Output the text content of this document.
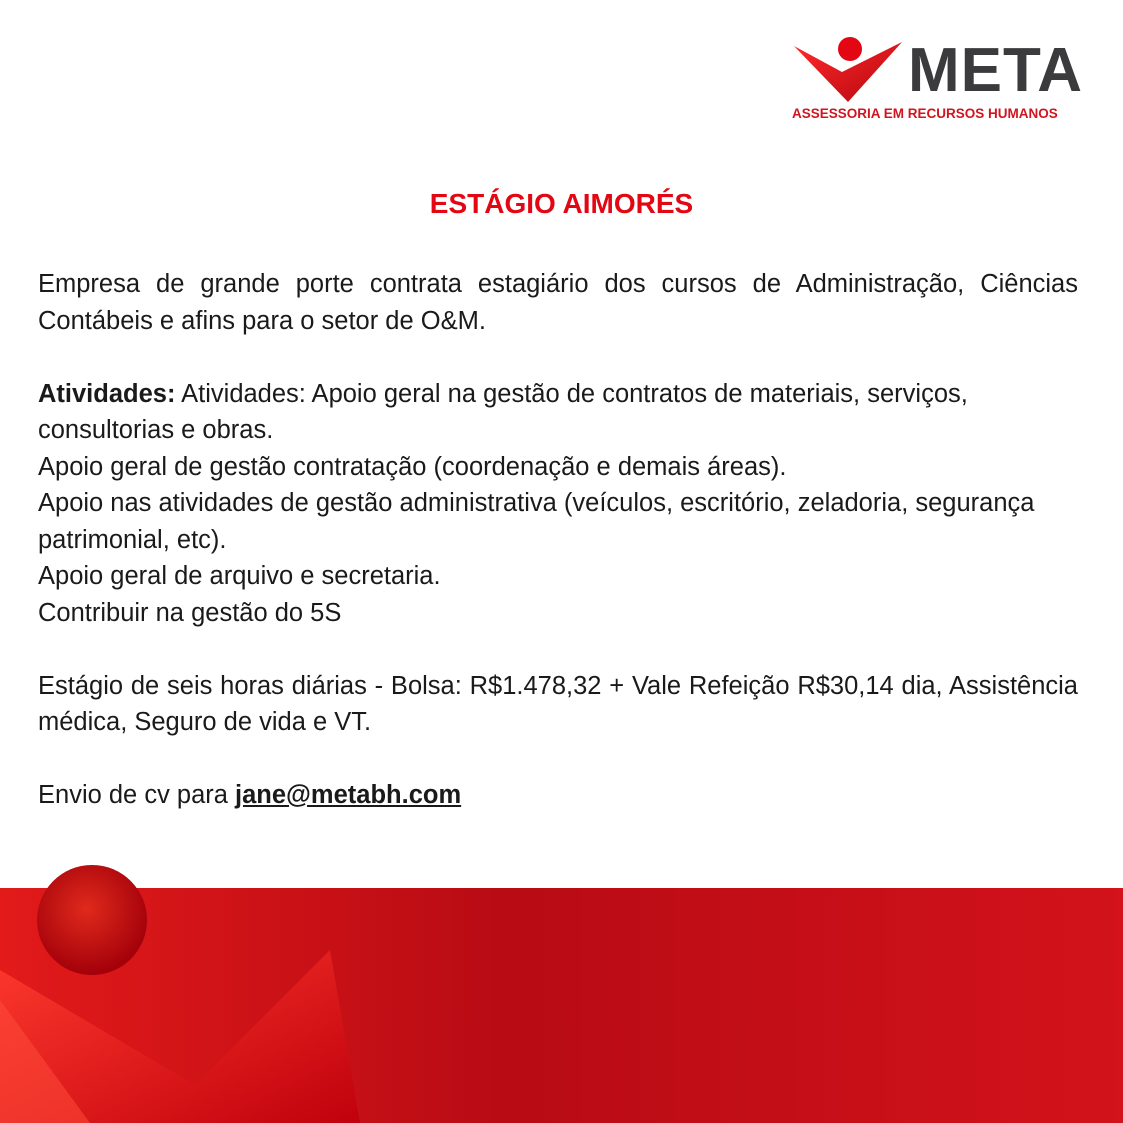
META
ASSESSORIA EM RECURSOS HUMANOS
ESTÁGIO AIMORÉS

Empresa de grande porte contrata estagiário dos cursos de Administração, Ciências Contábeis e afins para o setor de O&M.

Atividades: Atividades: Apoio geral na gestão de contratos de materiais, serviços, consultorias e obras.

Apoio geral de gestão contratação (coordenação e demais áreas).

Apoio nas atividades de gestão administrativa (veículos, escritório, zeladoria, segurança patrimonial, etc).

Apoio geral de arquivo e secretaria.

Contribuir na gestão do 5S

Estágio de seis horas diárias - Bolsa: R$1.478,32 + Vale Refeição R$30,14 dia, Assistência médica, Seguro de vida e VT.

Envio de cv para jane@metabh.com
